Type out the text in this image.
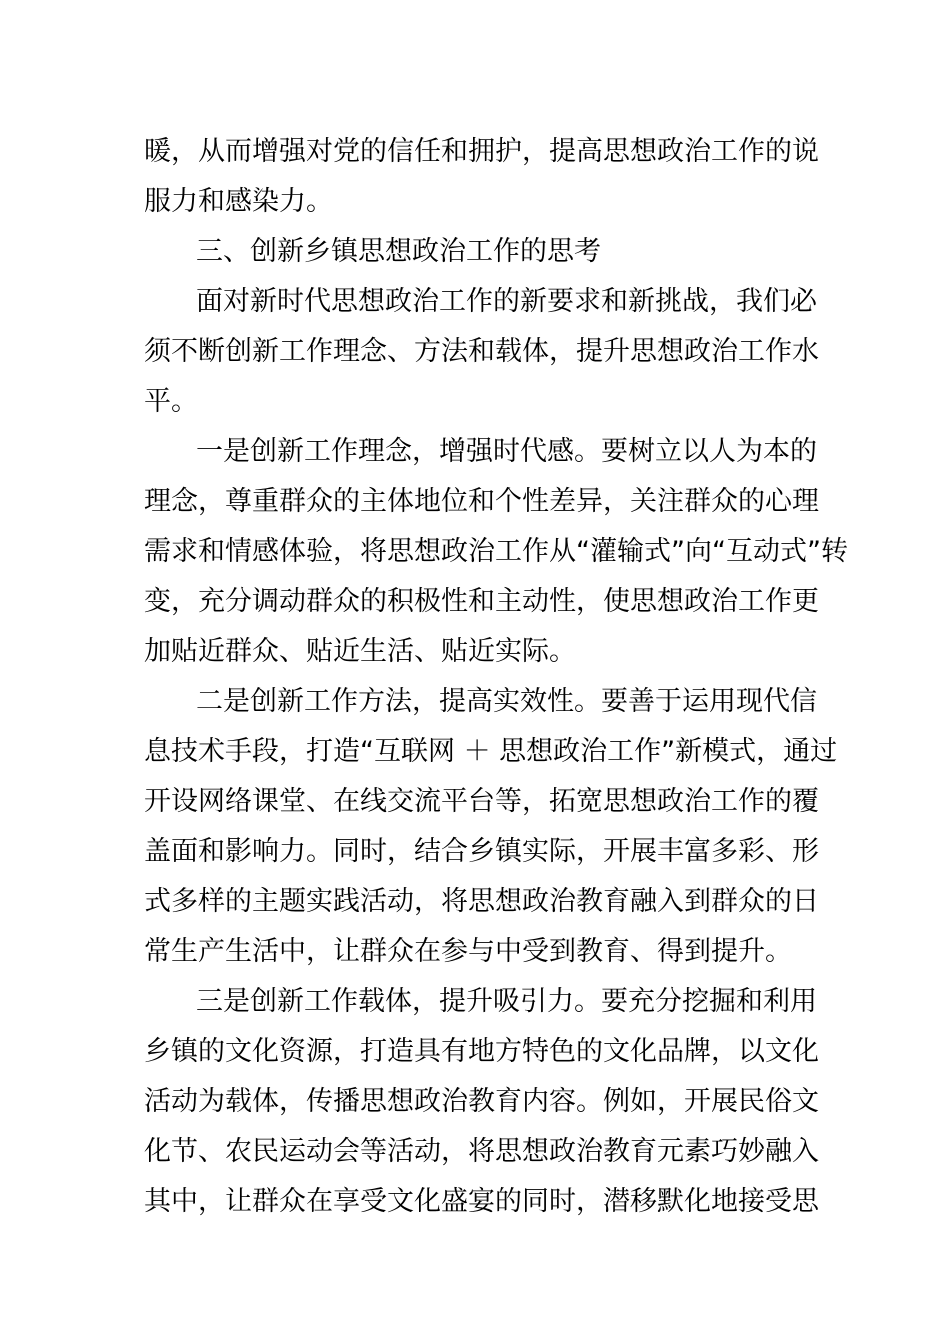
暖，从而增强对党的信任和拥护，提高思想政治工作的说
服力和感染力。
三、创新乡镇思想政治工作的思考
面对新时代思想政治工作的新要求和新挑战，我们必
须不断创新工作理念、方法和载体，提升思想政治工作水
平。
一是创新工作理念，增强时代感。要树立以人为本的
理念，尊重群众的主体地位和个性差异，关注群众的心理
需求和情感体验，将思想政治工作从“灌输式”向“互动式”转
变，充分调动群众的积极性和主动性，使思想政治工作更
加贴近群众、贴近生活、贴近实际。
二是创新工作方法，提高实效性。要善于运用现代信
息技术手段，打造“互联网 ＋ 思想政治工作”新模式，通过
开设网络课堂、在线交流平台等，拓宽思想政治工作的覆
盖面和影响力。同时，结合乡镇实际，开展丰富多彩、形
式多样的主题实践活动，将思想政治教育融入到群众的日
常生产生活中，让群众在参与中受到教育、得到提升。
三是创新工作载体，提升吸引力。要充分挖掘和利用
乡镇的文化资源，打造具有地方特色的文化品牌，以文化
活动为载体，传播思想政治教育内容。例如，开展民俗文
化节、农民运动会等活动，将思想政治教育元素巧妙融入
其中，让群众在享受文化盛宴的同时，潜移默化地接受思
